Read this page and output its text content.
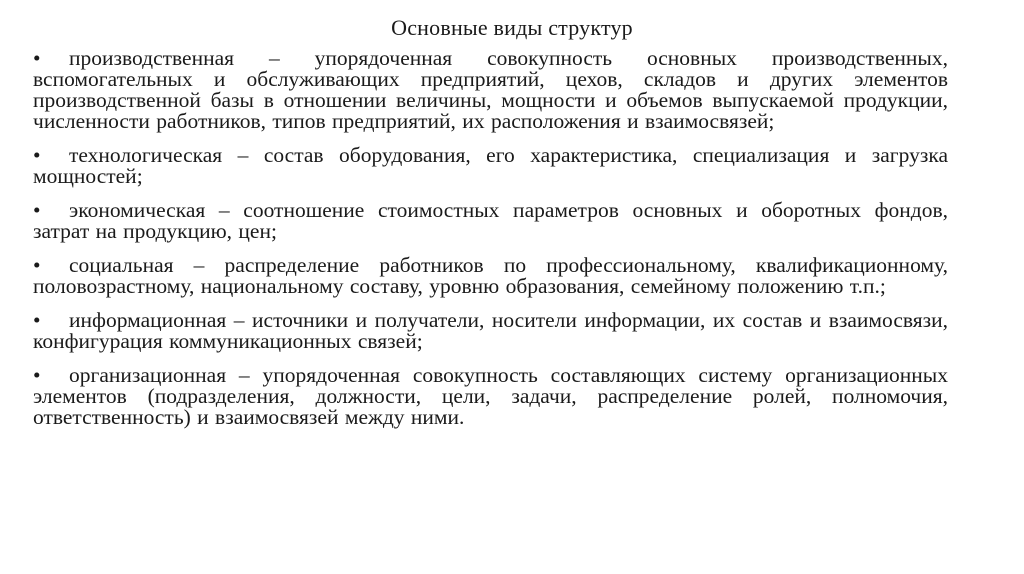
Основные виды структур
• производственная – упорядоченная совокупность основных производственных, вспомогательных и обслуживающих предприятий, цехов, складов и других элементов производственной базы в отношении величины, мощности и объемов выпускаемой продукции, численности работников, типов предприятий, их расположения и взаимосвязей;
• технологическая – состав оборудования, его характеристика, специализация и загрузка мощностей;
• экономическая – соотношение стоимостных параметров основных и оборотных фондов, затрат на продукцию, цен;
• социальная – распределение работников по профессиональному, квалификационному, половозрастному, национальному составу, уровню образования, семейному положению т.п.;
• информационная – источники и получатели, носители информации, их состав и взаимосвязи, конфигурация коммуникационных связей;
• организационная – упорядоченная совокупность составляющих систему организационных элементов (подразделения, должности, цели, задачи, распределение ролей, полномочия, ответственность) и взаимосвязей между ними.
